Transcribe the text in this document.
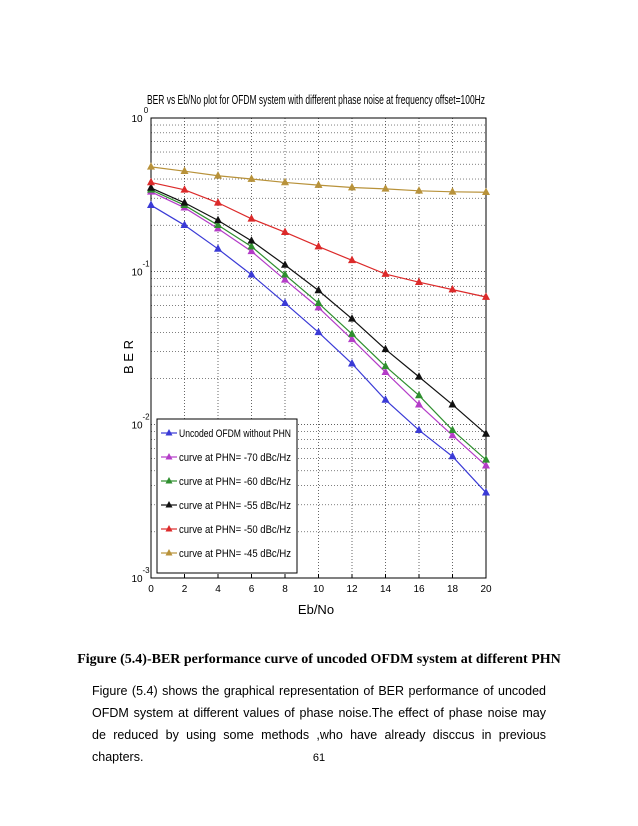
BER vs Eb/No plot for OFDM system with different phase noise at frequency offset=100Hz
Eb/No
B E R
0	2	4	6	8	10 12 14 16 18 20
10
0
10
-1
10
-2
10
-3
Uncoded OFDM without PHN
curve at PHN= -70 dBc/Hz
curve at PHN= -60 dBc/Hz
curve at PHN= -55 dBc/Hz
curve at PHN= -50 dBc/Hz
curve at PHN= -45 dBc/Hz
Figure (5.4)-BER performance curve of uncoded OFDM system at different PHN
Figure (5.4) shows the graphical representation of BER performance of uncoded OFDM system at different values of phase noise.The effect of phase noise may de reduced by using some methods ,who have already disccus in previous chapters.	61
